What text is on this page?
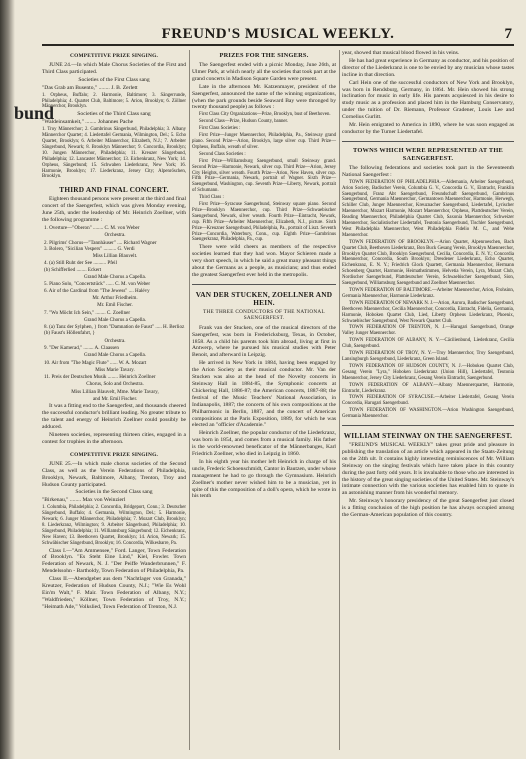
bund
FREUND'S MUSICAL WEEKLY.	7
COMPETITIVE PRIZE SINGING.

JUNE 24.—In which Male Chorus Societies of the First and Third Class participated.

Societies of the First Class sang

"Das Grab am Busento," ........ J. B. Zerlett

1. Orpheus, Buffalo; 2. Harmonie, Baltimore; 3. Sängerrunde, Philadelphia; 4. Quartet Club, Baltimore; 5. Arion, Brooklyn; 6. Zöllner Männerchor, Brooklyn.

Societies of the Third Class sang

"Waldeinsamkeit," ........ Johannes Pache

1. Troy Männerchor; 2. Gambrinus Sängerbund, Philadelphia; 3. Albany Männerchor Quartet; 4. Liedertafel Germania, Wilmington, Del.; 5. Echo Quartet, Brooklyn; 6. Arbeiter Männerchor, Elizabeth, N.J.; 7. Arbeiter Sängerbund, Newark; 8. Brooklyn Männerchor; 9. Concordia, Brooklyn; 10. Jungen Männerchor, Philadelphia; 11. Kreuzer Sängerbund, Philadelphia; 12. Lancaster Männerchor; 13. Eichenkranz, New York; 14. Orpheus, Sängerbund; 15. Schwaben Liederkranz, New York; 16. Harmonie, Brooklyn; 17. Liederkranz, Jersey City; Alpenröschen, Brooklyn.

THIRD AND FINAL CONCERT.

Eighteen thousand persons were present at the third and final concert of the Saengerfest, which was given Monday evening, June 25th, under the leadership of Mr. Heinrich Zoellner, with the following programme :

1. Overture—"Oberon" ........ C. M. von Weber
Orchestra.
2. Pilgrims' Chorus—"Tannhäuser" .... Richard Wagner
3. Bolero, "Sicilian Vespers" .......... G. Verdi
Miss Lillian Blauvelt.
4. (a) Still Ruht der See .......... Pfeil
(b) Schifferlied ........ Eckert
Grand Male Chorus a Capella.
5. Piano Solo, "Concertstück" ...... C. M. von Weber
6. Air of the Cardinal from "The Jewess" .... Halévy
Mr. Arthur Friedheim.
Mr. Emil Fischer.
7. "Wo Möcht Ich Sein," ........ C. Zoellner
Grand Male Chorus a Capella.
8. (a) Tanz der Sylphen, } from "Damnation de Faust" ..... H. Berlioz
(b) Faust's Höllenfahrt, }
Orchestra.
9. "Der Kamerad," ........ A. Claassen
Grand Male Chorus a Capella.
10. Air from "The Magic Flute" ...... W. A. Mozart
Miss Marie Tavary.
11. Preis der Deutschen Musik ........ Heinrich Zoellner
Chorus, Solo and Orchestra.
Miss Lillian Blauvelt, Mme. Marie Tavary,
and Mr. Emil Fischer.

It was a fitting end to the Saengerfest, and thousands cheered the successful conductor's brilliant leading. No greater tribute to the talent and energy of Heinrich Zoellner could possibly be adduced.

Nineteen societies, representing thirteen cities, engaged in a contest for trophies in the afternoon.

COMPETITIVE PRIZE SINGING.

JUNE 25.—In which male chorus societies of the Second Class, as well as the Verein Federations of Philadelphia, Brooklyn, Newark, Baltimore, Albany, Trenton, Troy and Hudson County participated.

Societies in the Second Class sang

"Birkenau," ........ Max von Weinzierl

1. Columbia, Philadelphia; 2. Concordia, Bridgeport, Conn.; 3. Deutscher Sängerbund, Buffalo; 4. Germania, Wilmington, Del.; 5. Harmonie, Newark; 6. Junger Männerchor, Philadelphia; 7. Mozart Club, Brooklyn; 8. Liederkranz, Wilmington; 9. Arbeiter Sängerbund, Philadelphia; 10. Sängerbund, Philadelphia; 11. Williamsburg Sängerbund; 12. Eichenkranz, New Haven; 13. Beethoven Quartet, Brooklyn; 14. Arion, Newark; 15. Schwäbischer Sängerbund, Brooklyn; 16. Concordia, Wilkesbarre, Pa.

Class I.—"Am Ammensee," Ford. Langer, Town Federation of Brooklyn. "Es Steht Eine Lind," Kiel, Fowler. Town Federation of Newark, N. J. "Der Peiffe Wanderbrunnen," F. Mendelssohn - Bartholdy, Town Federation of Philadelphia, Pa.

Class II.—Abendgebet aus dem "Nachtlager von Granada," Kreutzer, Federation of Hudson County, N.J.; "Wie Es Wohl Ein'm Walt," F. Mair. Town Federation of Albany, N.Y.; "Waldfrieden," Köllner, Town Federation of Troy, N.Y.; "Heimath Ade," Volkslied, Town Federation of Trenton, N.J.

PRIZES FOR THE SINGERS.

The Saengerfest ended with a picnic Monday, June 26th, at Ulmer Park, at which nearly all the societies that took part at the grand concerts in Madison Square Garden were present.

Late in the afternoon Mr. Katzenmayer, president of the Saengerfest, announced the name of the winning organizations, (when the park grounds beside Seaward Bay were thronged by twenty thousand people) as follows :

First Class City Organizations—Prize, Brooklyn, bust of Beethoven.

Second Class—Prize, Hudson County, banner.

First Class Societies :

First Prize—Junger Maennerchor, Philadelphia, Pa., Steinway grand piano. Second Prize—Arion, Brooklyn, large silver cup. Third Prize—Orpheus, Buffalo, wreath of silver.

Second Class Societies :

First Prize—Williamsburg Saengerbund, small Steinway grand. Second Prize—Harmonie, Newark, silver cup. Third Prize—Arion, Jersey City Heights, silver wreath. Fourth Prize—Arion, New Haven, silver cup. Fifth Prize—Germania, Newark, portrait of Wagner. Sixth Prize—Saengerbund, Washington, cup. Seventh Prize—Liberty, Newark, portrait of Schumann.

Third Class :

First Prize—Syracuse Saengerbund, Steinway square piano. Second Prize—Brooklyn Maennerchor, cup. Third Prize—Schwaebischer Saengerbund, Newark, silver wreath. Fourth Prize—Eintracht, Newark, cup. Fifth Prize—Arbeiter Maennerchor, Elizabeth, N.J., picture. Sixth Prize—Kreuzner Saengerbund, Philadelphia, Pa., portrait of Liszt. Seventh Prize—Concordia, Waterbury, Conn., cup. Eighth Prize—Gambrinus Saengerkranz, Philadelphia, Pa., cup.

There were wild cheers as members of the respective societies learned that they had won. Mayor Schieren made a very short speech, in which he said a great many pleasant things about the Germans as a people, as musicians; and thus ended the greatest Saengerfest ever held in the metropolis.

VAN DER STUCKEN, ZOELLNER AND HEIN.
THE THREE CONDUCTORS OF THE NATIONAL SAENGERFEST.

Frank van der Stucken, one of the musical directors of the Saengerfest, was born in Fredericksburg, Texas, in October, 1858. As a child his parents took him abroad, living at first in Antwerp, where he pursued his musical studies with Peter Benoit, and afterward in Leipzig.

He arrived in New York in 1884, having been engaged by the Arion Society as their musical conductor. Mr. Van der Stucken was also at the head of the Novelty concerts in Steinway Hall in 1884-85, the Symphonic concerts at Chickering Hall, 1886-87; the American concerts, 1887-88; the festival of the Music Teachers' National Association, in Indianapolis, 1887; the concerts of his own compositions at the Philharmonic in Berlin, 1887, and the concert of American compositions at the Paris Exposition, 1889, for which he was elected an "officier d'Academie."

Heinrich Zoellner, the popular conductor of the Liederkranz, was born in 1854, and comes from a musical family. His father is the world-renowned beneficator of the Männerbanges, Karl Friedrich Zoellner, who died in Leipzig in 1860.

In his eighth year his mother left Heinrich in charge of his uncle, Frederic Schoenschmidt, Cantor in Bautzen, under whose management he had to go through the Gymnasium. Heinrich Zoellner's mother never wished him to be a musician, yet in spite of this the composition of a doll's opera, which he wrote in his tenth

year, showed that musical blood flowed in his veins.

He has had great experience in Germany as conductor, and his position of director of the Liederkranz is one to be envied by any musician whose tastes incline in that direction.

Carl Hein one of the successful conductors of New York and Brooklyn, was born in Rendsburg, Germany, in 1864. Mr. Hein showed his strong inclination for music in early life. His parents acquiesced in his desire to study music as a profession and placed him in the Hamburg Conservatory, under the tuition of Dr. Riemann, Professor Gradener, Louis Lee and Cornelius Gurlitt.

Mr. Hein emigrated to America in 1890, where he was soon engaged as conductor by the Turner Liedertafel.

TOWNS WHICH WERE REPRESENTED AT THE SAENGERFEST.

The following federations and societies took part in the Seventeenth National Saengerfest :

TOWN FEDERATION OF PHILADELPHIA.—Aldemania, Arbeiter Saengerbund, Arion Society, Badischer Verein, Columbia G. V., Concordia G. V., Eintracht, Franklin Saengerbund, Franz Abt Saengerbund, Freundschaft Saengerbund, Gambrinus Saengerbund, Germania Maennerchor, Germantown Maennerchor, Harmonie, Herwegh, Schiller Club, Junger Maennerchor, Kreuznacher Saengerbund, Liedertafel, Lyrischer Maennerchor, Mozart Harmonie, Mozart Maennerchor, Orpheus, Plattdeutscher Verein, Reading Maennerchor, Philadelphia Quartet Club, Saxonia Maennerchor, Schweizer Maennerchor, Socialistischer Liedertafel, Teutonia Saengerbund, Tischler Saengerbund, West Philadelphia Maennerchor, West Philadelphia Fidelio M. C., and Wehe Maennerchor.

TOWN FEDERATION OF BROOKLYN.—Arion Quartet, Alpenroeschen, Bach Quartet Club, Beethoven Liederkranz, Bon Buck Gesang Verein, Brooklyn Maennerchor, Brooklyn Quartet Club, Brooklyn Saengerbund, Cecilia, Concordia, E. N. Y.; Concordia Maennerchor, Concordia, South Brooklyn; Dresdener Liederkranz, Echo Quartet, Eichenkranz, E. N. Y.; Friedrich Glock Quartett, Germania Maennerchor, Hermann Schoenberg Quartet, Harmonie, Heimathstimmen, Helvetia Verein, Lyra, Mozart Club, Nordischer Saengerbund, Plattdeutscher Verein, Schwaebischer Saengerbund, Sion, Saengerbund, Williamsburg Saengerbund and Zoellner Maennerchor.

TOWN FEDERATION OF BALTIMORE.—Arbeiter Maennerchor, Arion, Frohsinn, Germania Maennerchor, Harmonie Liederkranz.

TOWN FEDERATION OF NEWARK N. J.—Arion, Aurora, Badischer Saengerbund, Beethoven Maennerchor, Cecilia Maennerchor, Concordia, Eintracht, Fidelia, Germania, Harmonie, Hoboken Quartet Club, Lied, Liberty Orpheus Liederkranz, Phoenix, Schwaebischer Saengerbund, West Newark Quartet Club.

TOWN FEDERATION OF TRENTON, N. J.—Harugari Saengerbund, Orange Valley Junger Maennerchor.

TOWN FEDERATION OF ALBANY, N. Y.—Cäcilienbund, Liederkranz, Cecilia Club, Saengerbund.

TOWN FEDERATION OF TROY, N. Y.—Troy Maennerchor, Troy Saengerbund, Lansingburgh Saengerbund, Liederkranz, Green Island.

TOWN FEDERATION OF HUDSON COUNTY, N. J.—Hoboken Quartet Club, Gesang Verein "Lyra," Hoboken Liederkranz (Union Hill), Liedertafel, Teutonia Maennerchor, Jersey City Liederkranz, Gesang Verein Eintracht, Saengerbund.

TOWN FEDERATION OF ALBANY.—Albany Maennerquartet, Harmonie, Eintracht, Liederkranz.

TOWN FEDERATION OF SYRACUSE.—Arbeiter Liedertafel, Gesang Verein Concordia, Harugari Saengerbund.

TOWN FEDERATION OF WASHINGTON.—Arion Washington Saengerbund, Germania Maennerchor.

WILLIAM STEINWAY ON THE SAENGERFEST.

"FREUND'S MUSICAL WEEKLY" takes great pride and pleasure in publishing the translation of an article which appeared in the Staats-Zeitung on the 24th ult. It contains highly interesting reminiscences of Mr. William Steinway on the singing festivals which have taken place in this country during the past forty odd years. It is invaluable to those who are interested in the history of the great singing societies of the United States. Mr. Steinway's intimate connection with the various societies has enabled him to quote in an astonishing manner from his wonderful memory.

Mr. Steinway's honorary presidency of the great Saengerfest just closed is a fitting conclusion of the high position he has always occupied among the German-American population of this country.
